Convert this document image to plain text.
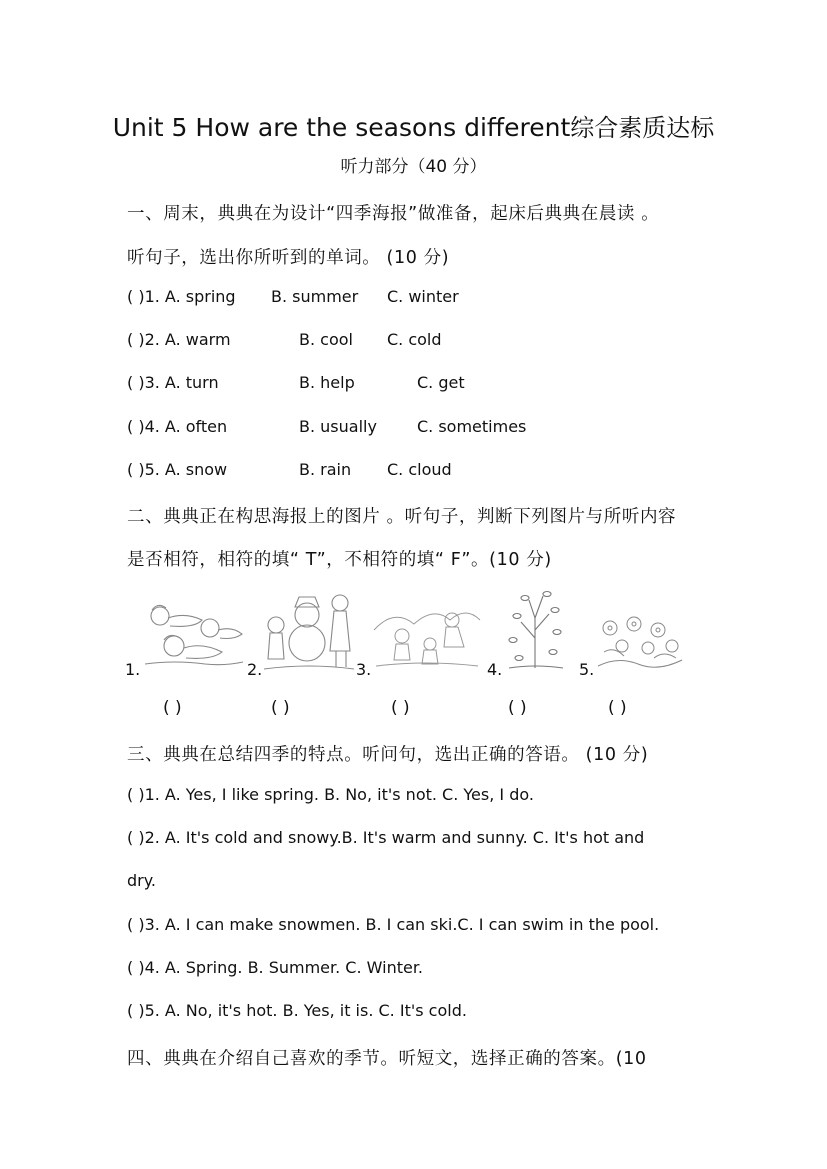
Unit 5 How are the seasons different综合素质达标
听力部分（40 分）
一、周末，典典在为设计“四季海报”做准备，起床后典典在晨读 。
听句子，选出你所听到的单词。 (10 分)
( )1. A. spring B. summer C. winter
( )2. A. warm	B. cool C. cold
( )3. A. turn	B. help	C. get
( )4. A. often	B. usually	C. sometimes
( )5. A. snow	B. rain C. cloud
二、典典正在构思海报上的图片 。听句子，判断下列图片与所听内容
是否相符，相符的填“ T”，不相符的填“ F”。(10 分)
1.	2.	3.	4.	5.
( )	( )	( )	( )	( )
三、典典在总结四季的特点。听问句，选出正确的答语。 (10 分)
( )1. A. Yes, I like spring. B. No, it's not. C. Yes, I do.
( )2. A. It's cold and snowy.B. It's warm and sunny. C. It's hot and
dry.
( )3. A. I can make snowmen. B. I can ski.C. I can swim in the pool.
( )4. A. Spring. B. Summer. C. Winter.
( )5. A. No, it's hot. B. Yes, it is. C. It's cold.
四、典典在介绍自己喜欢的季节。听短文，选择正确的答案。(10
